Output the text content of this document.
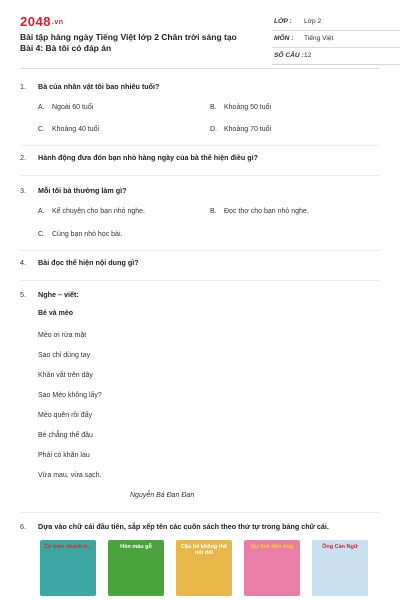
2048.vn
Bài tập hàng ngày Tiếng Việt lớp 2 Chân trời sáng tạo Bài 4: Bà tôi có đáp án
LỚP : Lớp 2
MÔN : Tiếng Việt
SỐ CÂU : 12
1.	Bà của nhân vật tôi bao nhiêu tuổi?
A. Ngoài 60 tuổi	B. Khoảng 50 tuổi
C. Khoảng 40 tuổi	D. Khoảng 70 tuổi
2.	Hành động đưa đón bạn nhỏ hàng ngày của bà thể hiện điều gì?
3.	Mỗi tối bà thường làm gì?
A. Kể chuyện cho bạn nhỏ nghe.	B. Đọc thơ cho bạn nhỏ nghe.
C. Cùng bạn nhỏ học bài.
4.	Bài đọc thể hiện nội dung gì?
5.	Nghe – viết:
Bé và mèo
Mèo ơi rửa mặt
Sao chỉ dùng tay
Khăn vắt trên dây
Sao Mèo không lấy?
Mèo quên rồi đấy
Bé chẳng thể đâu
Phải có khăn lau
Vừa mau, vừa sạch.
Nguyễn Bá Đan Đan
6.	Dựa vào chữ cái đầu tiên, sắp xếp tên các cuốn sách theo thứ tự trong bảng chữ cái.
Cô mèo nhanh tr...	Hồn màu gỗ	Cậu bé không thể nói dối
Sự tích tiên ông	Ông Cần Ngữ
